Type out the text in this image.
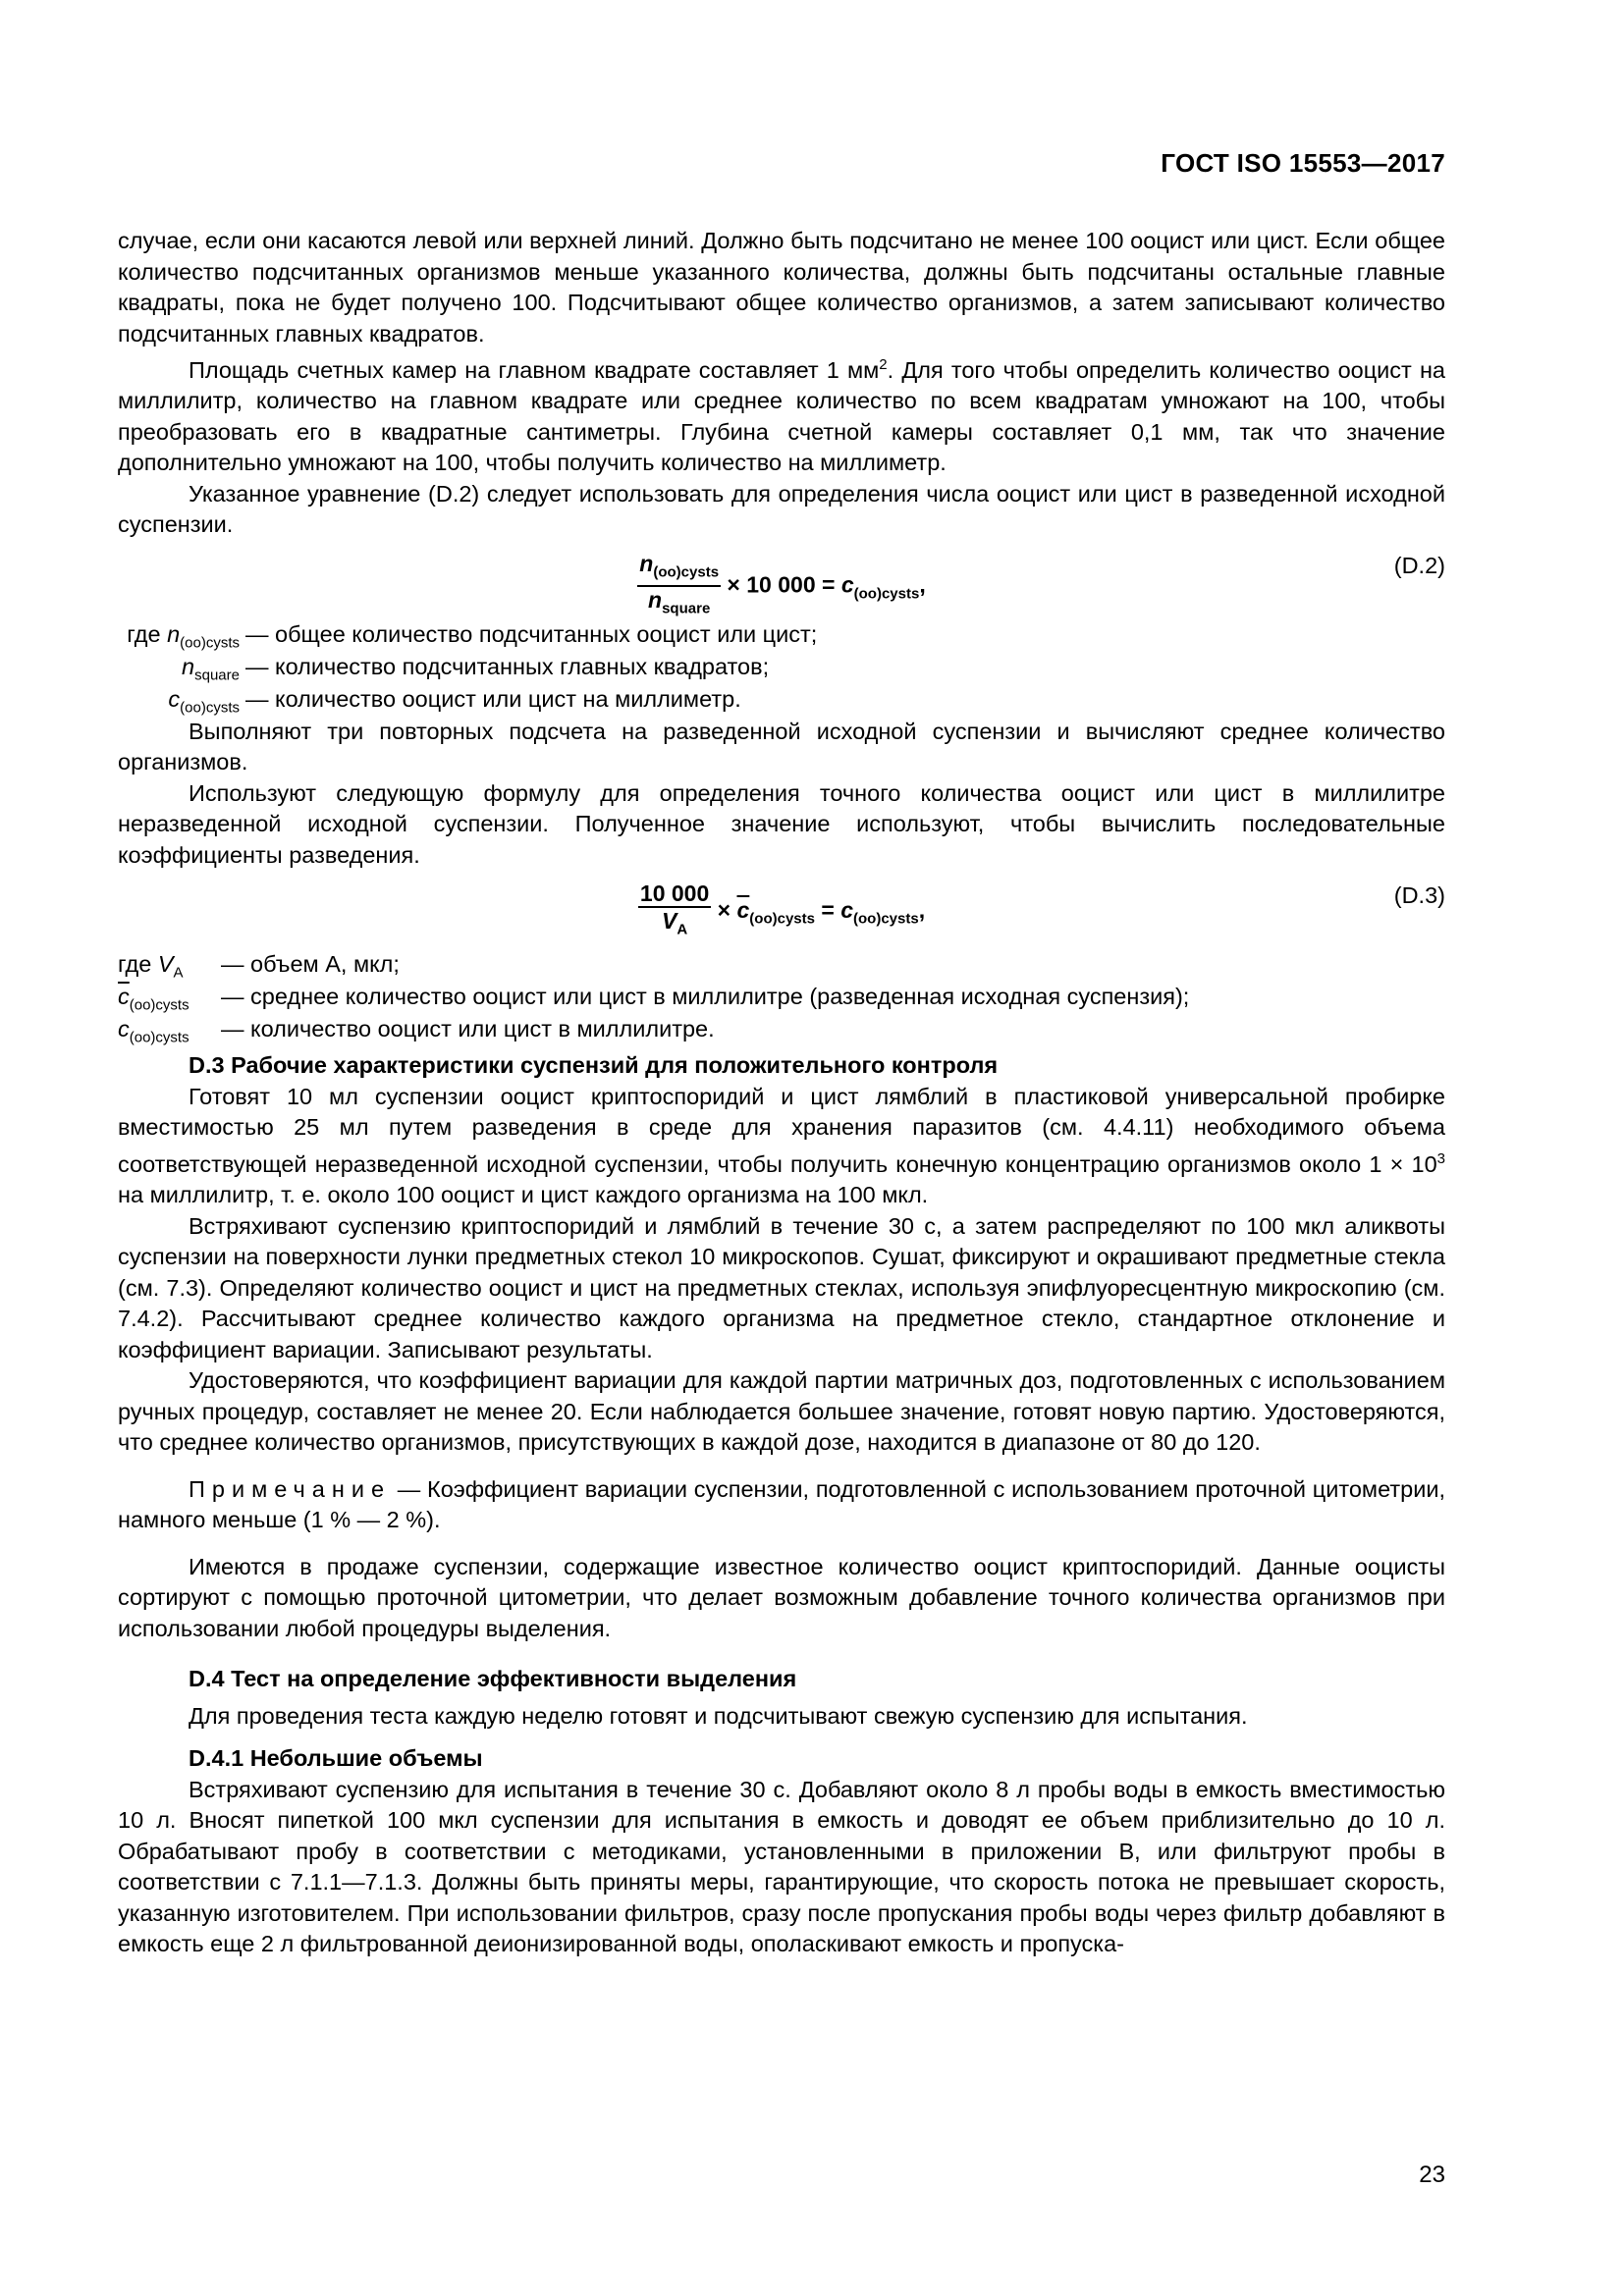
ГОСТ ISO 15553—2017

случае, если они касаются левой или верхней линий. Должно быть подсчитано не менее 100 ооцист или цист. Если общее количество подсчитанных организмов меньше указанного количества, должны быть подсчитаны остальные главные квадраты, пока не будет получено 100. Подсчитывают общее количество организмов, а затем записывают количество подсчитанных главных квадратов.

Площадь счетных камер на главном квадрате составляет 1 $мм^2$. Для того чтобы определить количество ооцист на миллилитр, количество на главном квадрате или среднее количество по всем квадратам умножают на 100, чтобы преобразовать его в квадратные сантиметры. Глубина счетной камеры составляет 0,1 мм, так что значение дополнительно умножают на 100, чтобы получить количество на миллиметр.

Указанное уравнение (D.2) следует использовать для определения числа ооцист или цист в разведенной исходной суспензии.

$\frac{n_{(oo)cysts}}{n_{square}} \times 10$ $000 = c_{(oo)cysts}$,
(D.2)
где $n_{(oo)cysts}$ — общее количество подсчитанных ооцист или цист;
$n_{square}$ — количество подсчитанных главных квадратов;
$c_{(oo)cysts}$ — количество ооцист или цист на миллиметр.

Выполняют три повторных подсчета на разведенной исходной суспензии и вычисляют среднее количество организмов.

Используют следующую формулу для определения точного количества ооцист или цист в миллилитре неразведенной исходной суспензии. Полученное значение используют, чтобы вычислить последовательные коэффициенты разведения.

$\frac{10 000}{V_A} \times \overline{c}_{(oo)cysts} = c_{(oo)cysts}$,
(D.3)
где $V_A$	— объем А, мкл;
$\overline{c}_{(oo)cysts}$	— среднее количество ооцист или цист в миллилитре (разведенная исходная суспензия);
$c_{(oo)cysts}$	— количество ооцист или цист в миллилитре.

D.3 Рабочие характеристики суспензий для положительного контроля

Готовят 10 мл суспензии ооцист криптоспоридий и цист лямблий в пластиковой универсальной пробирке вместимостью 25 мл путем разведения в среде для хранения паразитов (см. 4.4.11) необходимого объема соответствующей неразведенной исходной суспензии, чтобы получить конечную концентрацию организмов около $1 \times 10^3$ на миллилитр, т. е. около 100 ооцист и цист каждого организма на 100 мкл.

Встряхивают суспензию криптоспоридий и лямблий в течение 30 с, а затем распределяют по 100 мкл аликвоты суспензии на поверхности лунки предметных стекол 10 микроскопов. Сушат, фиксируют и окрашивают предметные стекла (см. 7.3). Определяют количество ооцист и цист на предметных стеклах, используя эпифлуоресцентную микроскопию (см. 7.4.2). Рассчитывают среднее количество каждого организма на предметное стекло, стандартное отклонение и коэффициент вариации. Записывают результаты.

Удостоверяются, что коэффициент вариации для каждой партии матричных доз, подготовленных с использованием ручных процедур, составляет не менее 20. Если наблюдается большее значение, готовят новую партию. Удостоверяются, что среднее количество организмов, присутствующих в каждой дозе, находится в диапазоне от 80 до 120.

Примечание — Коэффициент вариации суспензии, подготовленной с использованием проточной цитометрии, намного меньше (1 % — 2 %).

Имеются в продаже суспензии, содержащие известное количество ооцист криптоспоридий. Данные ооцисты сортируют с помощью проточной цитометрии, что делает возможным добавление точного количества организмов при использовании любой процедуры выделения.

D.4 Тест на определение эффективности выделения

Для проведения теста каждую неделю готовят и подсчитывают свежую суспензию для испытания.

D.4.1 Небольшие объемы

Встряхивают суспензию для испытания в течение 30 с. Добавляют около 8 л пробы воды в емкость вместимостью 10 л. Вносят пипеткой 100 мкл суспензии для испытания в емкость и доводят ее объем приблизительно до 10 л. Обрабатывают пробу в соответствии с методиками, установленными в приложении В, или фильтруют пробы в соответствии с 7.1.1—7.1.3. Должны быть приняты меры, гарантирующие, что скорость потока не превышает скорость, указанную изготовителем. При использовании фильтров, сразу после пропускания пробы воды через фильтр добавляют в емкость еще 2 л фильтрованной деионизированной воды, ополаскивают емкость и пропуска-

23
